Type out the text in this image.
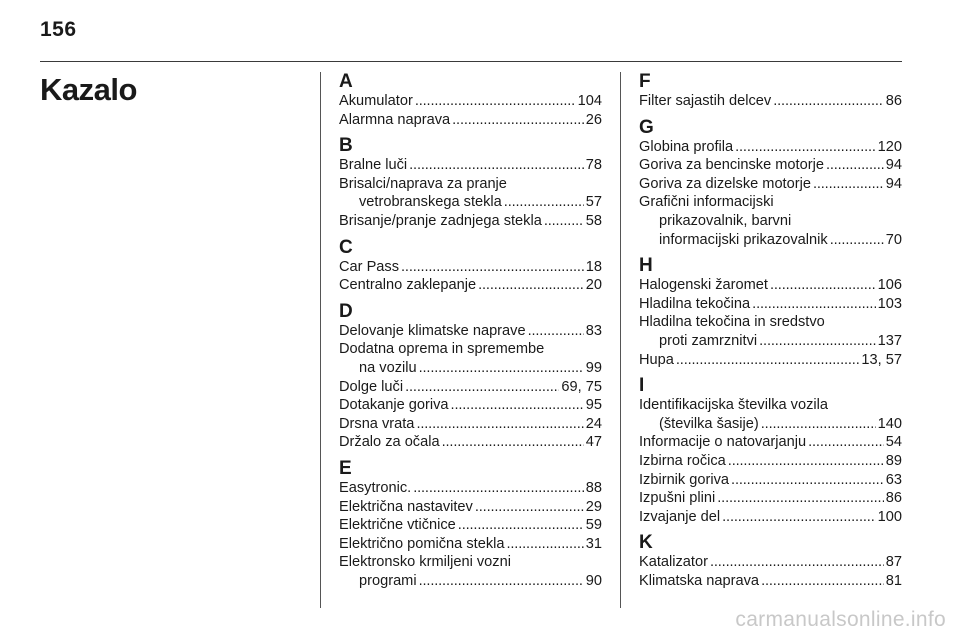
156
Kazalo	A
Akumulator . . .	104
Alarmna naprava . . .	26
B
Bralne luči . . .	78
Brisalci/naprava za pranje
vetrobranskega stekla . . .	57
Brisanje/pranje zadnjega stekla . . .	58
C
Car Pass . . .	18
Centralno zaklepanje . . .	20
D
Delovanje klimatske naprave . . .	83
Dodatna oprema in spremembe
na vozilu . . .	99
Dolge luči . . .	69, 75
Dotakanje goriva . . .	95
Drsna vrata . . .	24
Držalo za očala . . .	47
E
Easytronic. . . .	88
Električna nastavitev . . .	29
Električne vtičnice . . .	59
Električno pomična stekla . . .	31
Elektronsko krmiljeni vozni
programi . . .	90
F
Filter sajastih delcev . . .	86
G
Globina profila . . .	120
Goriva za bencinske motorje . . .	94
Goriva za dizelske motorje . . .	94
Grafični informacijski
prikazovalnik, barvni
informacijski prikazovalnik . . .	70
H
Halogenski žaromet . . .	106
Hladilna tekočina . . .	103
Hladilna tekočina in sredstvo
proti zamrznitvi . . .	137
Hupa . . .	13, 57
I
Identifikacijska številka vozila
(številka šasije) . . .	140
Informacije o natovarjanju . . .	54
Izbirna ročica . . .	89
Izbirnik goriva . . .	63
Izpušni plini . . .	86
Izvajanje del . . .	100
K
Katalizator . . .	87
Klimatska naprava . . .	81
carmanualsonline.info
